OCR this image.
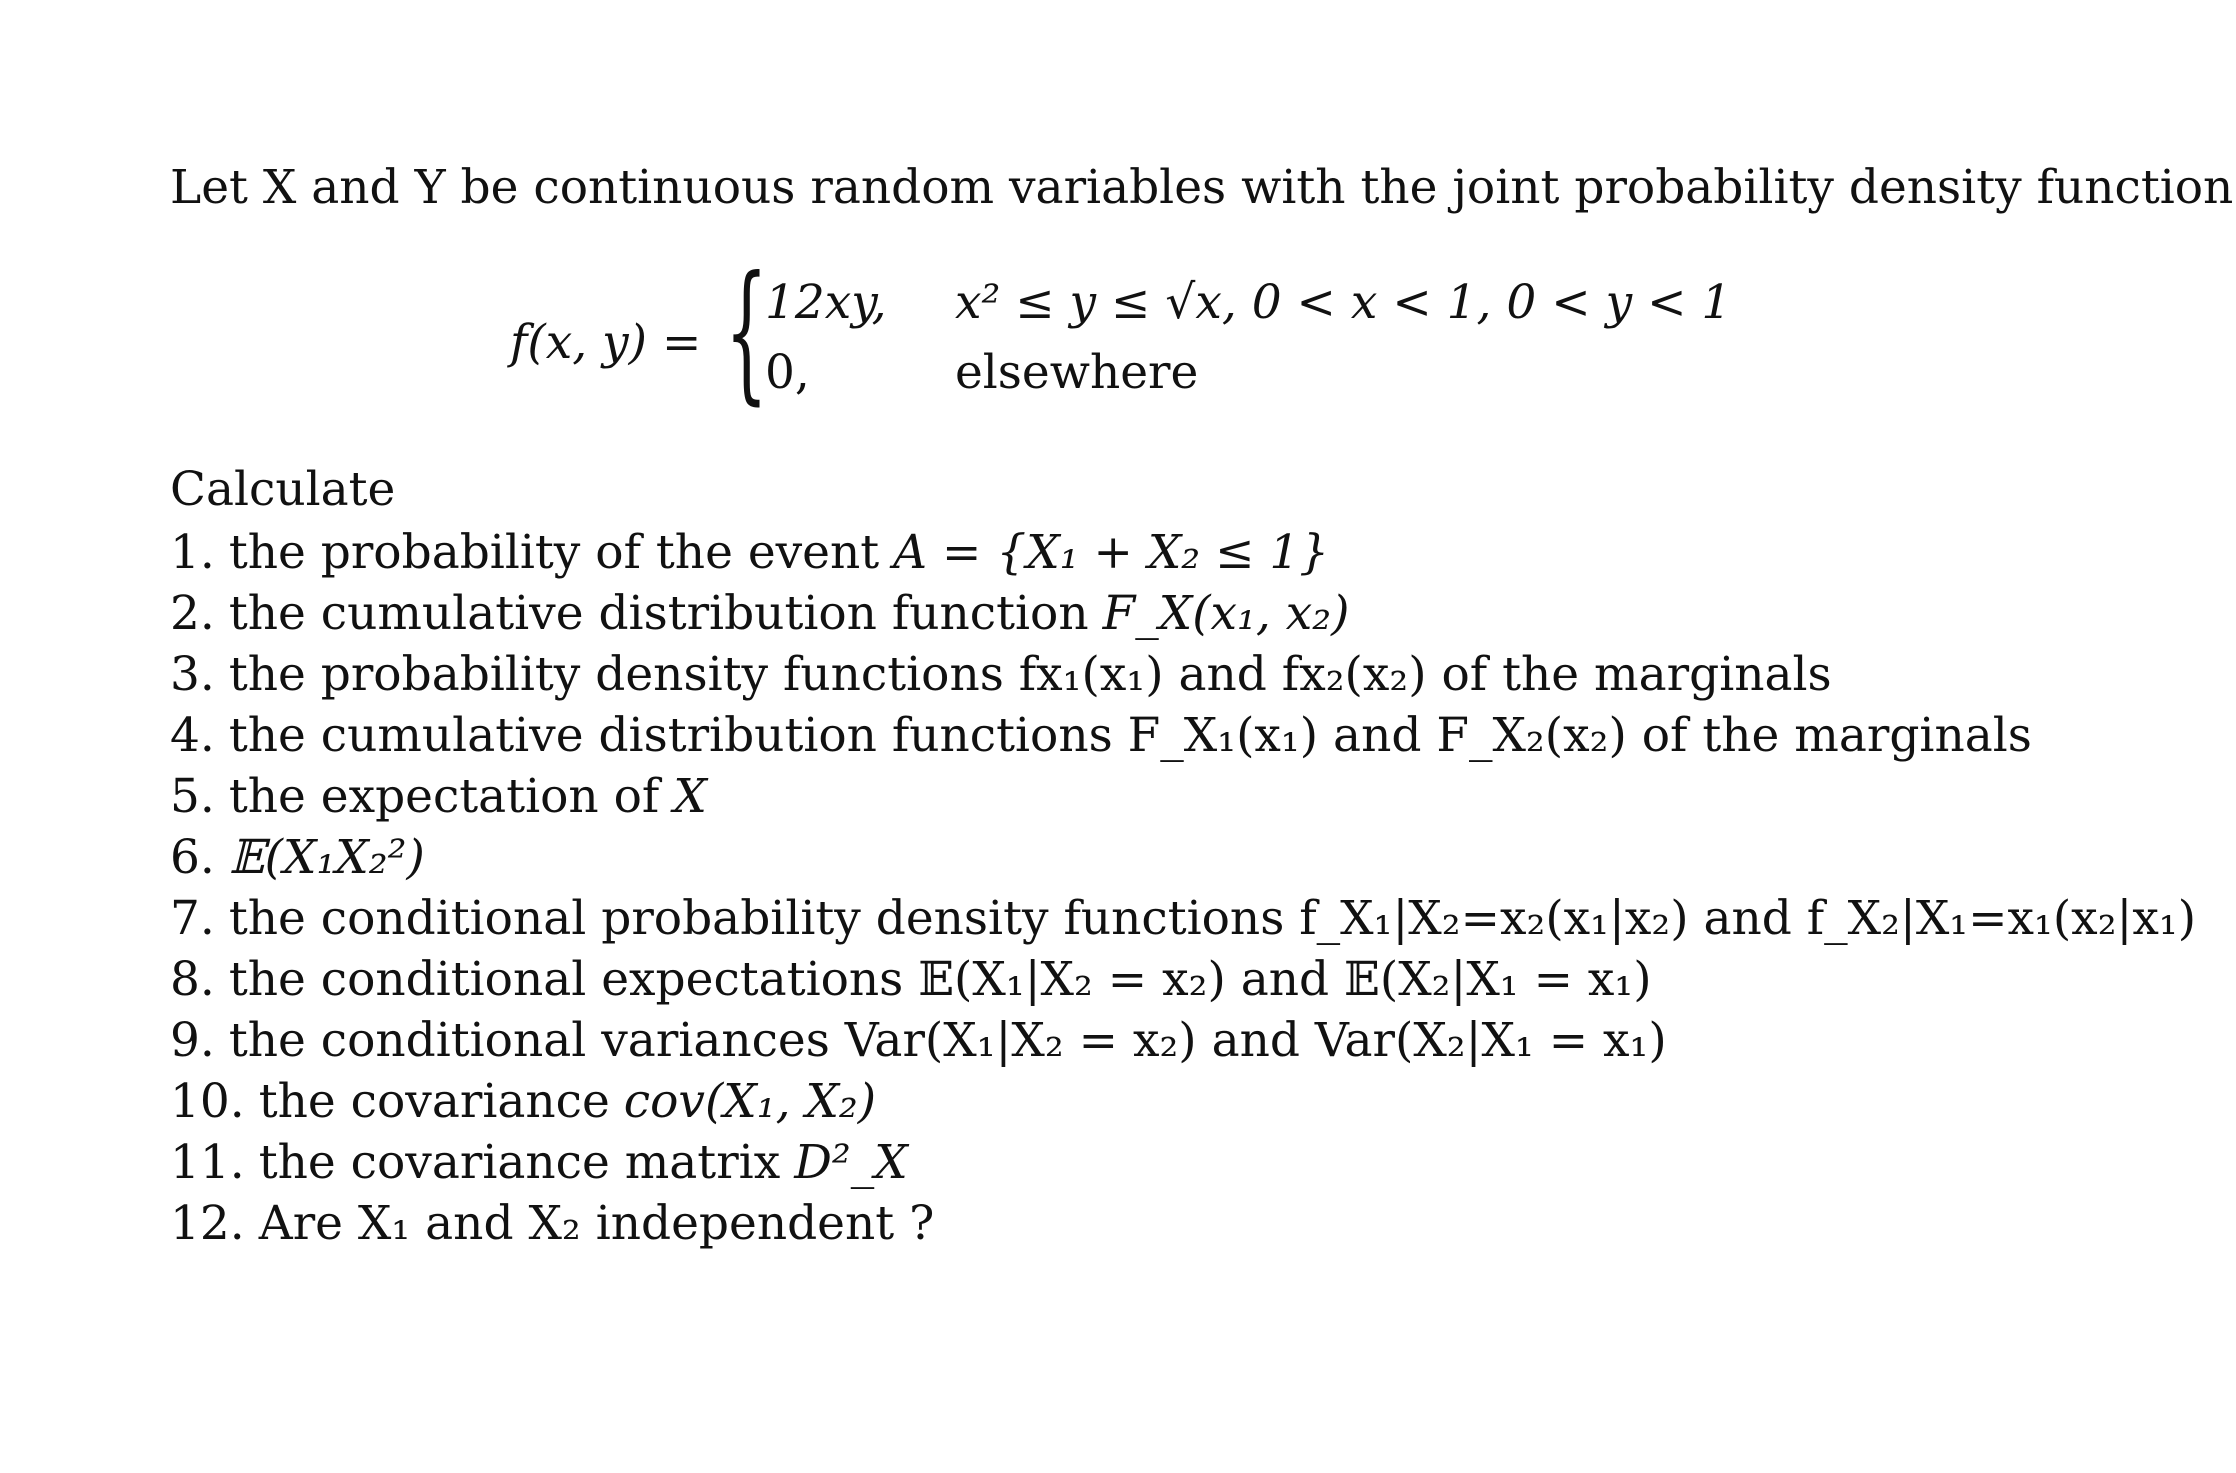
Let X and Y be continuous random variables with the joint probability density function
f(x, y) = {
12xy, x² ≤ y ≤ √x, 0 < x < 1, 0 < y < 1
0,	elsewhere
Calculate
1. the probability of the event A = {X₁ + X₂ ≤ 1}
2. the cumulative distribution function F_X(x₁, x₂)
3. the probability density functions fx₁(x₁) and fx₂(x₂) of the marginals
4. the cumulative distribution functions F_X₁(x₁) and F_X₂(x₂) of the marginals
5. the expectation of X
6. 𝔼(X₁X₂²)
7. the conditional probability density functions f_X₁|X₂=x₂(x₁|x₂) and f_X₂|X₁=x₁(x₂|x₁)
8. the conditional expectations 𝔼(X₁|X₂ = x₂) and 𝔼(X₂|X₁ = x₁)
9. the conditional variances Var(X₁|X₂ = x₂) and Var(X₂|X₁ = x₁)
10. the covariance cov(X₁, X₂)
11. the covariance matrix D²_X
12. Are X₁ and X₂ independent ?
